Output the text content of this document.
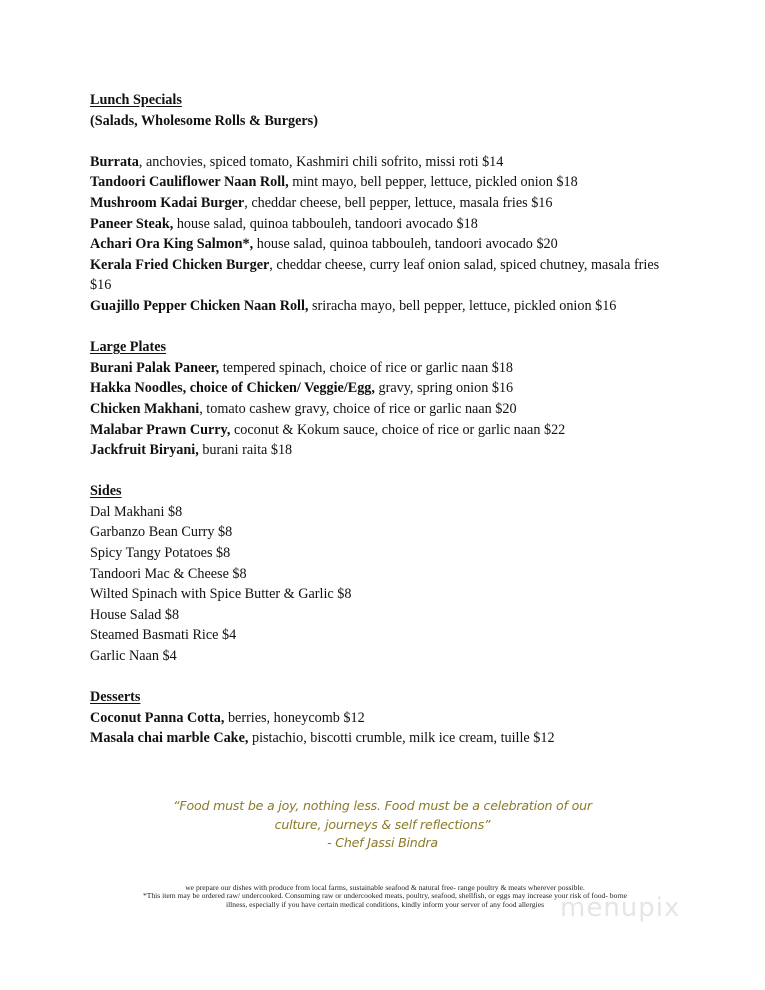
Lunch Specials
(Salads, Wholesome Rolls & Burgers)
Burrata, anchovies, spiced tomato, Kashmiri chili sofrito, missi roti $14
Tandoori Cauliflower Naan Roll, mint mayo, bell pepper, lettuce, pickled onion $18
Mushroom Kadai Burger, cheddar cheese, bell pepper, lettuce, masala fries $16
Paneer Steak, house salad, quinoa tabbouleh, tandoori avocado $18
Achari Ora King Salmon*, house salad, quinoa tabbouleh, tandoori avocado $20
Kerala Fried Chicken Burger, cheddar cheese, curry leaf onion salad, spiced chutney, masala fries
$16
Guajillo Pepper Chicken Naan Roll, sriracha mayo, bell pepper, lettuce, pickled onion $16
Large Plates
Burani Palak Paneer, tempered spinach, choice of rice or garlic naan $18
Hakka Noodles, choice of Chicken/ Veggie/Egg, gravy, spring onion $16
Chicken Makhani, tomato cashew gravy, choice of rice or garlic naan $20
Malabar Prawn Curry, coconut & Kokum sauce, choice of rice or garlic naan $22
Jackfruit Biryani, burani raita $18
Sides
Dal Makhani $8
Garbanzo Bean Curry $8
Spicy Tangy Potatoes $8
Tandoori Mac & Cheese $8
Wilted Spinach with Spice Butter & Garlic $8
House Salad $8
Steamed Basmati Rice $4
Garlic Naan $4
Desserts
Coconut Panna Cotta, berries, honeycomb $12
Masala chai marble Cake, pistachio, biscotti crumble, milk ice cream, tuille $12
“Food must be a joy, nothing less. Food must be a celebration of our
culture, journeys & self reflections”
- Chef Jassi Bindra
we prepare our dishes with produce from local farms, sustainable seafood & natural free- range poultry & meats wherever possible.
*This item may be ordered raw/ undercooked. Consuming raw or undercooked meats, poultry, seafood, shellfish, or eggs may increase your risk of food- borne
illness, especially if you have certain medical conditions, kindly inform your server of any food allergies menupix
